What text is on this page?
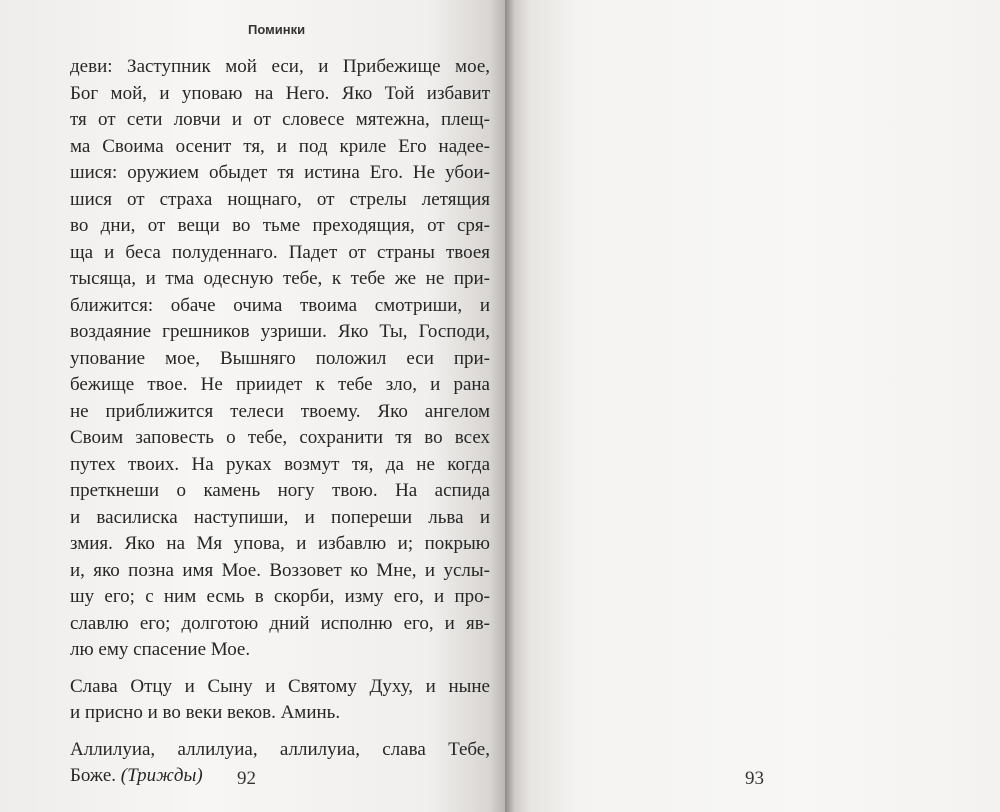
Поминки
деви: Заступник мой еси, и Прибежище мое,
Бог мой, и уповаю на Него. Яко Той избавит
тя от сети ловчи и от словесе мятежна, плещ-
ма Своима осенит тя, и под криле Его надее-
шися: оружием обыдет тя истина Его. Не убои-
шися от страха нощнаго, от стрелы летящия
во дни, от вещи во тьме преходящия, от сря-
ща и беса полуденнаго. Падет от страны твоея
тысяща, и тма одесную тебе, к тебе же не при-
ближится: обаче очима твоима смотриши, и
воздаяние грешников узриши. Яко Ты, Господи,
упование мое, Вышняго положил еси при-
бежище твое. Не приидет к тебе зло, и рана
не приближится телеси твоему. Яко ангелом
Своим заповесть о тебе, сохранити тя во всех
путех твоих. На руках возмут тя, да не когда
преткнеши о камень ногу твою. На аспида
и василиска наступиши, и попереши льва и
змия. Яко на Мя упова, и избавлю и; покрыю
и, яко позна имя Мое. Воззовет ко Мне, и услы-
шу его; с ним есмь в скорби, изму его, и про-
славлю его; долготою дний исполню его, и яв-
лю ему спасение Мое.
Слава Отцу и Сыну и Святому Духу, и ныне
и присно и во веки веков. Аминь.
Аллилуиа, аллилуиа, аллилуиа, слава Тебе,
Боже. (Трижды)	92	93
